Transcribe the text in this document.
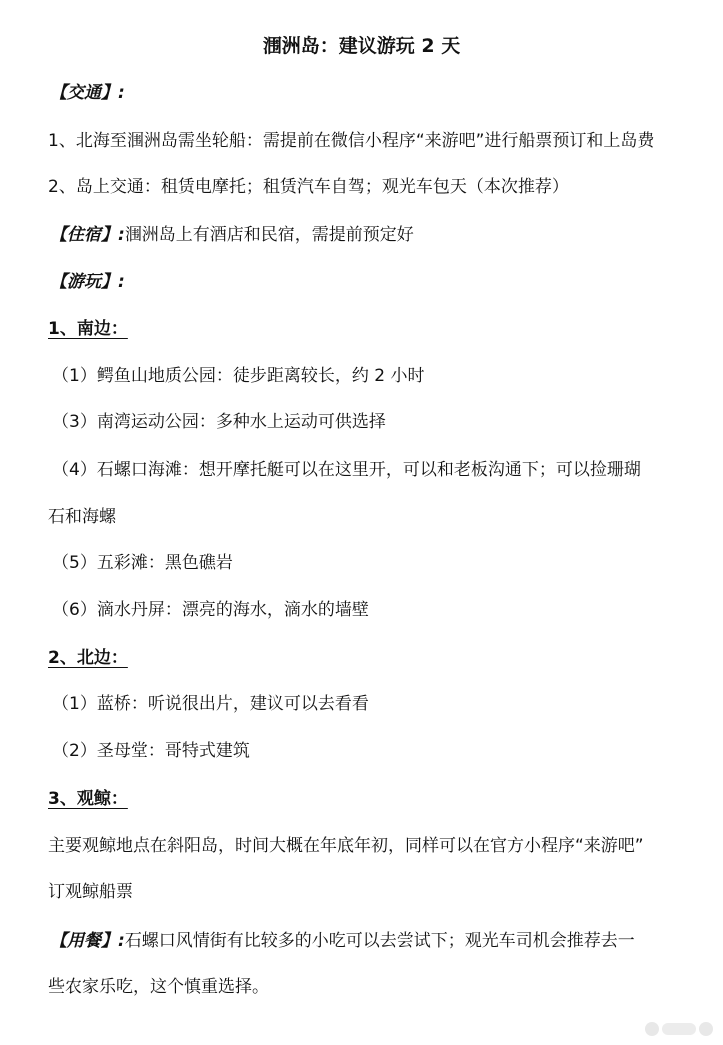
涠洲岛：建议游玩 2 天
【交通】:
1、北海至涠洲岛需坐轮船：需提前在微信小程序“来游吧”进行船票预订和上岛费
2、岛上交通：租赁电摩托；租赁汽车自驾；观光车包天（本次推荐）
【住宿】:涠洲岛上有酒店和民宿，需提前预定好
【游玩】:
1、南边：
（1）鳄鱼山地质公园：徒步距离较长，约 2 小时
（3）南湾运动公园：多种水上运动可供选择
（4）石螺口海滩：想开摩托艇可以在这里开，可以和老板沟通下；可以捡珊瑚
石和海螺
（5）五彩滩：黑色礁岩
（6）滴水丹屏：漂亮的海水，滴水的墙壁
2、北边：
（1）蓝桥：听说很出片，建议可以去看看
（2）圣母堂：哥特式建筑
3、观鲸：
主要观鲸地点在斜阳岛，时间大概在年底年初，同样可以在官方小程序“来游吧”
订观鲸船票
【用餐】:石螺口风情街有比较多的小吃可以去尝试下；观光车司机会推荐去一
些农家乐吃，这个慎重选择。
